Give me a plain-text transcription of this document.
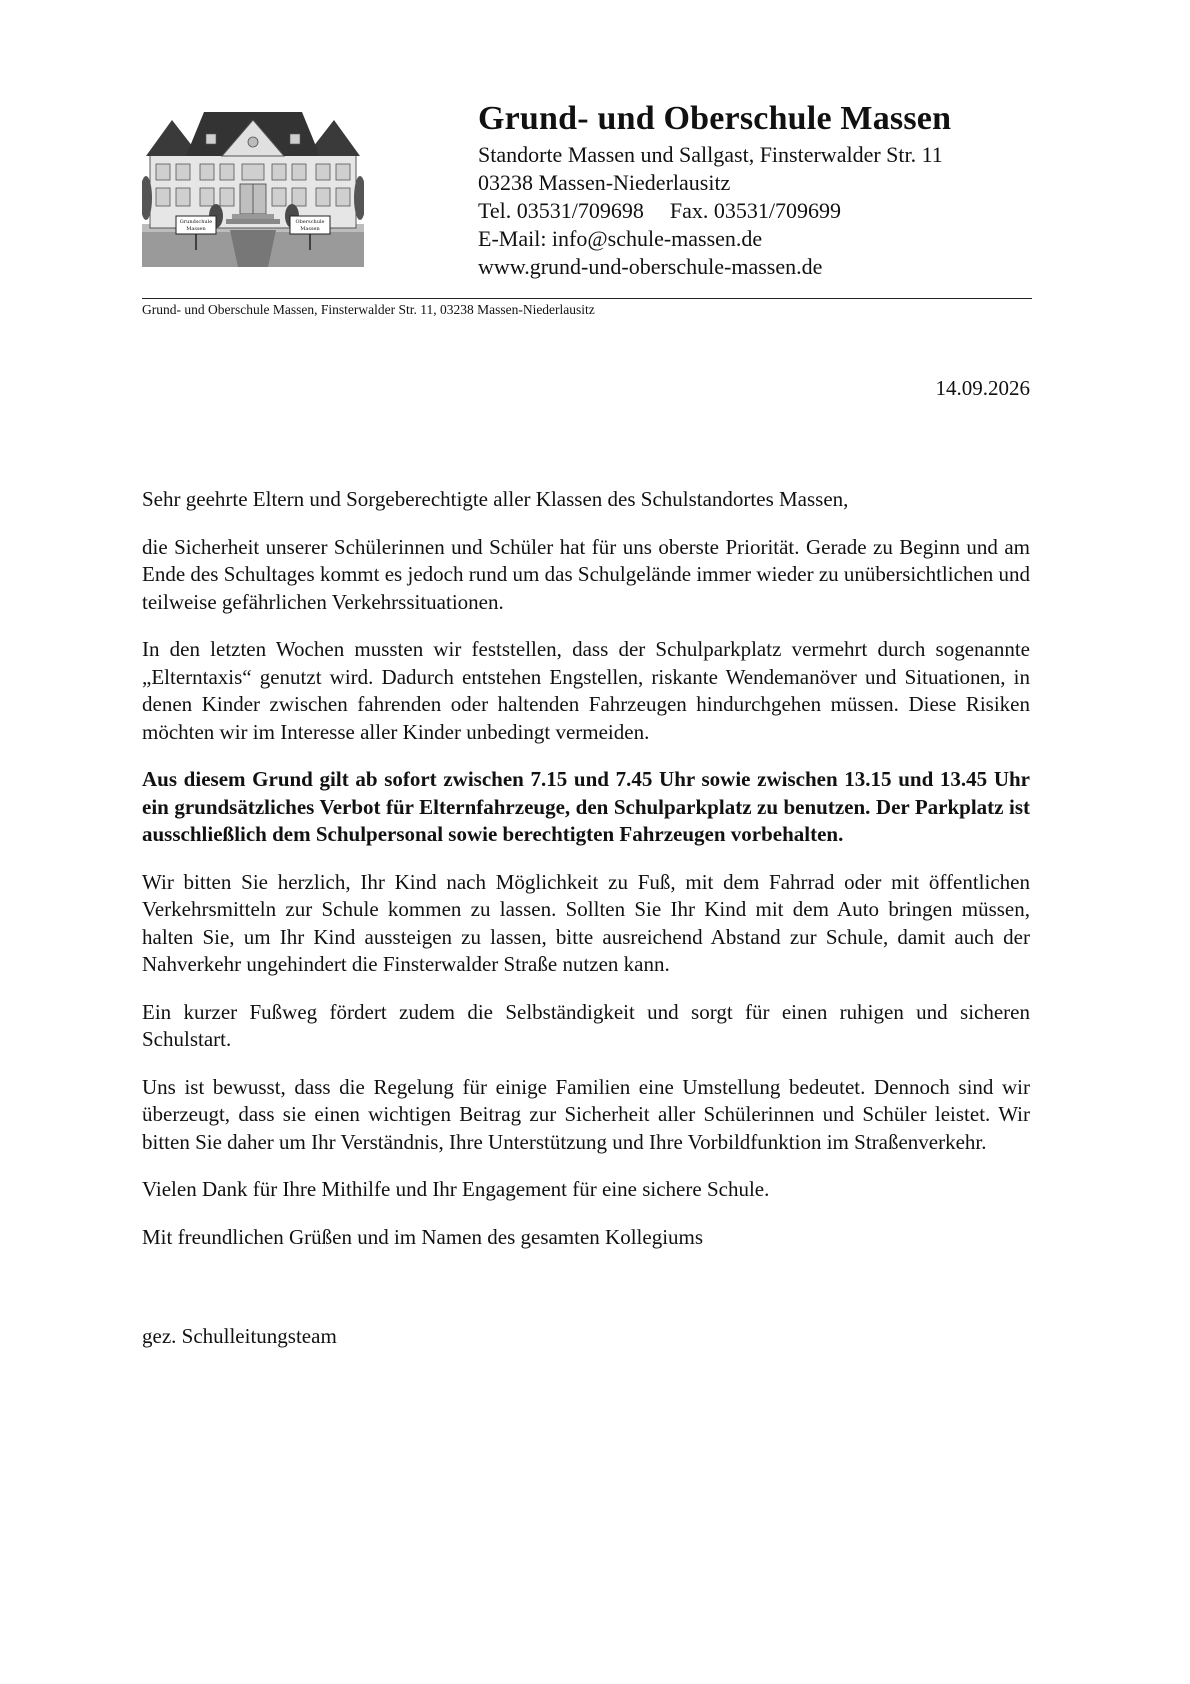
Grundschule
Massen
Oberschule
Massen
Grund- und Oberschule Massen
Standorte Massen und Sallgast, Finsterwalder Str. 11
03238 Massen-Niederlausitz
Tel. 03531/709698 Fax. 03531/709699
E-Mail: info@schule-massen.de
www.grund-und-oberschule-massen.de
Grund- und Oberschule Massen, Finsterwalder Str. 11, 03238 Massen-Niederlausitz
14.09.2026

Sehr geehrte Eltern und Sorgeberechtigte aller Klassen des Schulstandortes Massen,

die Sicherheit unserer Schülerinnen und Schüler hat für uns oberste Priorität. Gerade zu Beginn und am Ende des Schultages kommt es jedoch rund um das Schulgelände immer wieder zu unübersichtlichen und teilweise gefährlichen Verkehrssituationen.

In den letzten Wochen mussten wir feststellen, dass der Schulparkplatz vermehrt durch sogenannte „Elterntaxis“ genutzt wird. Dadurch entstehen Engstellen, riskante Wendemanöver und Situationen, in denen Kinder zwischen fahrenden oder haltenden Fahrzeugen hindurchgehen müssen. Diese Risiken möchten wir im Interesse aller Kinder unbedingt vermeiden.

Aus diesem Grund gilt ab sofort zwischen 7.15 und 7.45 Uhr sowie zwischen 13.15 und 13.45 Uhr ein grundsätzliches Verbot für Elternfahrzeuge, den Schulparkplatz zu benutzen. Der Parkplatz ist ausschließlich dem Schulpersonal sowie berechtigten Fahrzeugen vorbehalten.

Wir bitten Sie herzlich, Ihr Kind nach Möglichkeit zu Fuß, mit dem Fahrrad oder mit öffentlichen Verkehrsmitteln zur Schule kommen zu lassen. Sollten Sie Ihr Kind mit dem Auto bringen müssen, halten Sie, um Ihr Kind aussteigen zu lassen, bitte ausreichend Abstand zur Schule, damit auch der Nahverkehr ungehindert die Finsterwalder Straße nutzen kann.

Ein kurzer Fußweg fördert zudem die Selbständigkeit und sorgt für einen ruhigen und sicheren Schulstart.

Uns ist bewusst, dass die Regelung für einige Familien eine Umstellung bedeutet. Dennoch sind wir überzeugt, dass sie einen wichtigen Beitrag zur Sicherheit aller Schülerinnen und Schüler leistet. Wir bitten Sie daher um Ihr Verständnis, Ihre Unterstützung und Ihre Vorbildfunktion im Straßenverkehr.

Vielen Dank für Ihre Mithilfe und Ihr Engagement für eine sichere Schule.

Mit freundlichen Grüßen und im Namen des gesamten Kollegiums

gez. Schulleitungsteam
